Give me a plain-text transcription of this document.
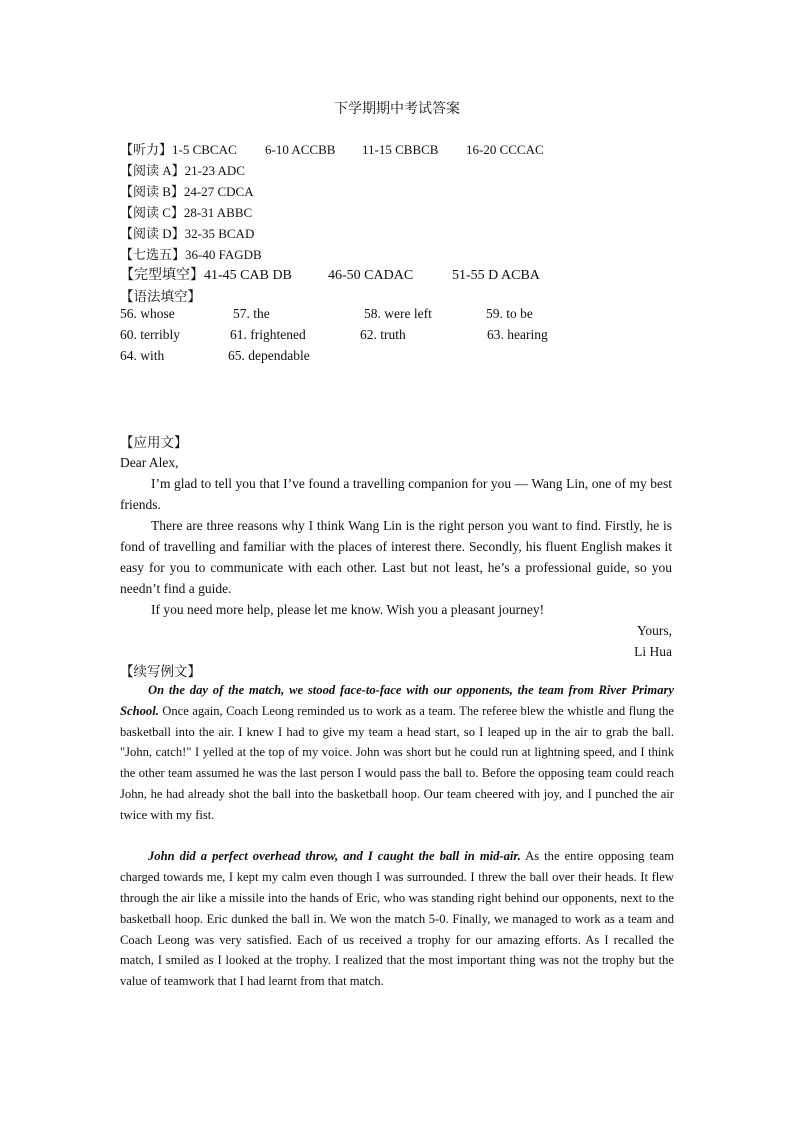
下学期期中考试答案
【听力】1-5 CBCAC 6-10 ACCBB 11-15 CBBCB 16-20 CCCAC
【阅读 A】21-23 ADC
【阅读 B】24-27 CDCA
【阅读 C】28-31 ABBC
【阅读 D】32-35 BCAD
【七选五】36-40 FAGDB
【完型填空】41-45 CAB DB	46-50 CADAC	51-55 D ACBA
【语法填空】
56. whose	57. the	58. were left	59. to be
60. terribly	61. frightened	62. truth	63. hearing
64. with	65. dependable
【应用文】

Dear Alex,

I’m glad to tell you that I’ve found a travelling companion for you — Wang Lin, one of my best friends.

There are three reasons why I think Wang Lin is the right person you want to find. Firstly, he is fond of travelling and familiar with the places of interest there. Secondly, his fluent English makes it easy for you to communicate with each other. Last but not least, he’s a professional guide, so you needn’t find a guide.

If you need more help, please let me know. Wish you a pleasant journey!

Yours,

Li Hua

【续写例文】

On the day of the match, we stood face-to-face with our opponents, the team from River Primary School. Once again, Coach Leong reminded us to work as a team. The referee blew the whistle and flung the basketball into the air. I knew I had to give my team a head start, so I leaped up in the air to grab the ball. "John, catch!" I yelled at the top of my voice. John was short but he could run at lightning speed, and I think the other team assumed he was the last person I would pass the ball to. Before the opposing team could reach John, he had already shot the ball into the basketball hoop. Our team cheered with joy, and I punched the air twice with my fist.

John did a perfect overhead throw, and I caught the ball in mid-air. As the entire opposing team charged towards me, I kept my calm even though I was surrounded. I threw the ball over their heads. It flew through the air like a missile into the hands of Eric, who was standing right behind our opponents, next to the basketball hoop. Eric dunked the ball in. We won the match 5-0. Finally, we managed to work as a team and Coach Leong was very satisfied. Each of us received a trophy for our amazing efforts. As I recalled the match, I smiled as I looked at the trophy. I realized that the most important thing was not the trophy but the value of teamwork that I had learnt from that match.
